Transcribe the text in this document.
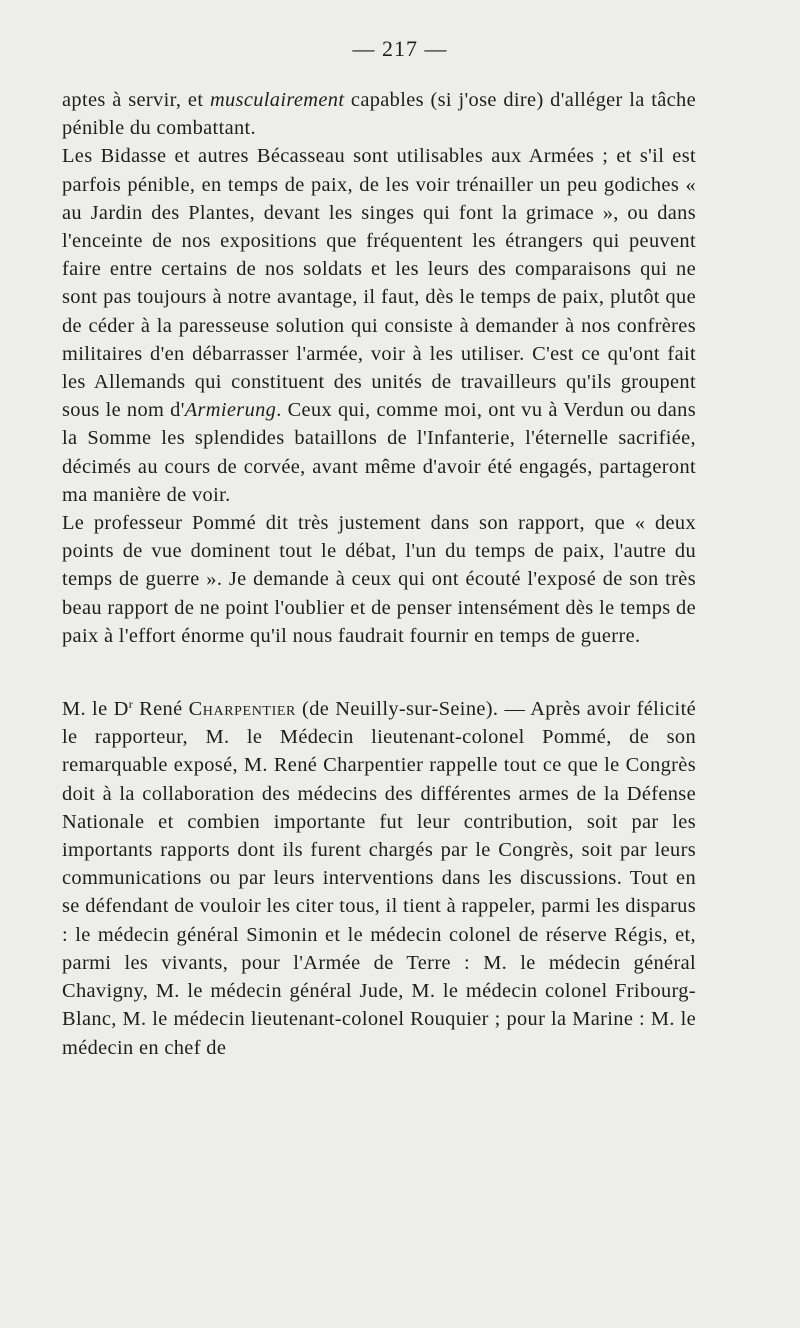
— 217 —

aptes à servir, et musculairement capables (si j'ose dire) d'alléger la tâche pénible du combattant.

Les Bidasse et autres Bécasseau sont utilisables aux Armées ; et s'il est parfois pénible, en temps de paix, de les voir trénailler un peu godiches « au Jardin des Plantes, devant les singes qui font la grimace », ou dans l'enceinte de nos expositions que fréquentent les étrangers qui peuvent faire entre certains de nos soldats et les leurs des comparaisons qui ne sont pas toujours à notre avantage, il faut, dès le temps de paix, plutôt que de céder à la paresseuse solution qui consiste à demander à nos confrères militaires d'en débarrasser l'armée, voir à les utiliser. C'est ce qu'ont fait les Allemands qui constituent des unités de travailleurs qu'ils groupent sous le nom d'Armierung. Ceux qui, comme moi, ont vu à Verdun ou dans la Somme les splendides bataillons de l'Infanterie, l'éternelle sacrifiée, décimés au cours de corvée, avant même d'avoir été engagés, partageront ma manière de voir.

Le professeur Pommé dit très justement dans son rapport, que « deux points de vue dominent tout le débat, l'un du temps de paix, l'autre du temps de guerre ». Je demande à ceux qui ont écouté l'exposé de son très beau rapport de ne point l'oublier et de penser intensément dès le temps de paix à l'effort énorme qu'il nous faudrait fournir en temps de guerre.

M. le $D^r$ René Charpentier (de Neuilly-sur-Seine). — Après avoir félicité le rapporteur, M. le Médecin lieutenant-colonel Pommé, de son remarquable exposé, M. René Charpentier rappelle tout ce que le Congrès doit à la collaboration des médecins des différentes armes de la Défense Nationale et combien importante fut leur contribution, soit par les importants rapports dont ils furent chargés par le Congrès, soit par leurs communications ou par leurs interventions dans les discussions. Tout en se défendant de vouloir les citer tous, il tient à rappeler, parmi les disparus : le médecin général Simonin et le médecin colonel de réserve Régis, et, parmi les vivants, pour l'Armée de Terre : M. le médecin général Chavigny, M. le médecin général Jude, M. le médecin colonel Fribourg-Blanc, M. le médecin lieutenant-colonel Rouquier ; pour la Marine : M. le médecin en chef de
